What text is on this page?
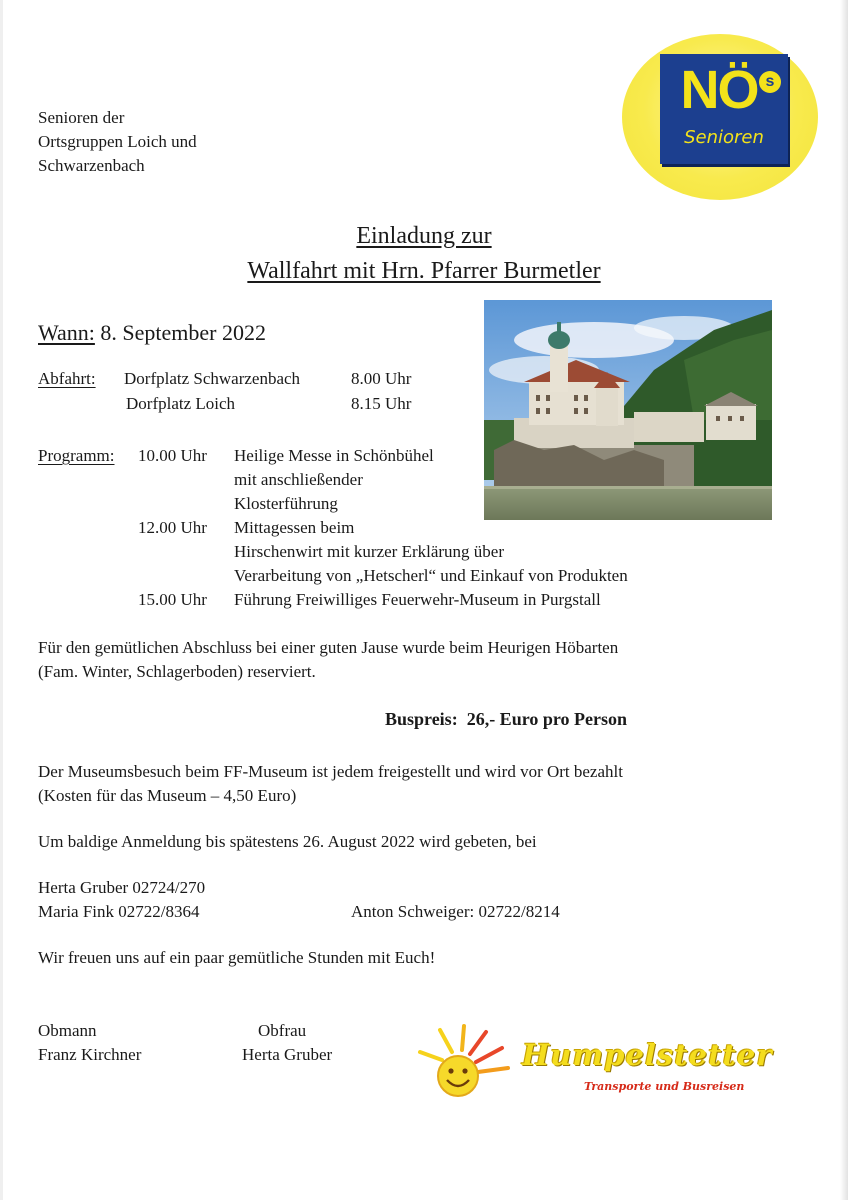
Senioren der
Ortsgruppen Loich und
Schwarzenbach
NÖ s
Senioren
Einladung zur
Wallfahrt mit Hrn. Pfarrer Burmetler
Wann: 8. September 2022
Abfahrt: Dorfplatz Schwarzenbach	8.00 Uhr
Dorfplatz Loich	8.15 Uhr
Programm: 10.00 Uhr Heilige Messe in Schönbühel
mit anschließender
Klosterführung
12.00 Uhr Mittagessen beim
Hirschenwirt mit kurzer Erklärung über
Verarbeitung von „Hetscherl“ und Einkauf von Produkten
15.00 Uhr Führung Freiwilliges Feuerwehr-Museum in Purgstall
Für den gemütlichen Abschluss bei einer guten Jause wurde beim Heurigen Höbarten
(Fam. Winter, Schlagerboden) reserviert.
Buspreis: 26,- Euro pro Person
Der Museumsbesuch beim FF-Museum ist jedem freigestellt und wird vor Ort bezahlt
(Kosten für das Museum – 4,50 Euro)
Um baldige Anmeldung bis spätestens 26. August 2022 wird gebeten, bei
Herta Gruber 02724/270
Maria Fink 02722/8364	Anton Schweiger: 02722/8214
Wir freuen uns auf ein paar gemütliche Stunden mit Euch!
Obmann
Franz Kirchner
Obfrau
Herta Gruber	Humpelstetter
Transporte und Busreisen
